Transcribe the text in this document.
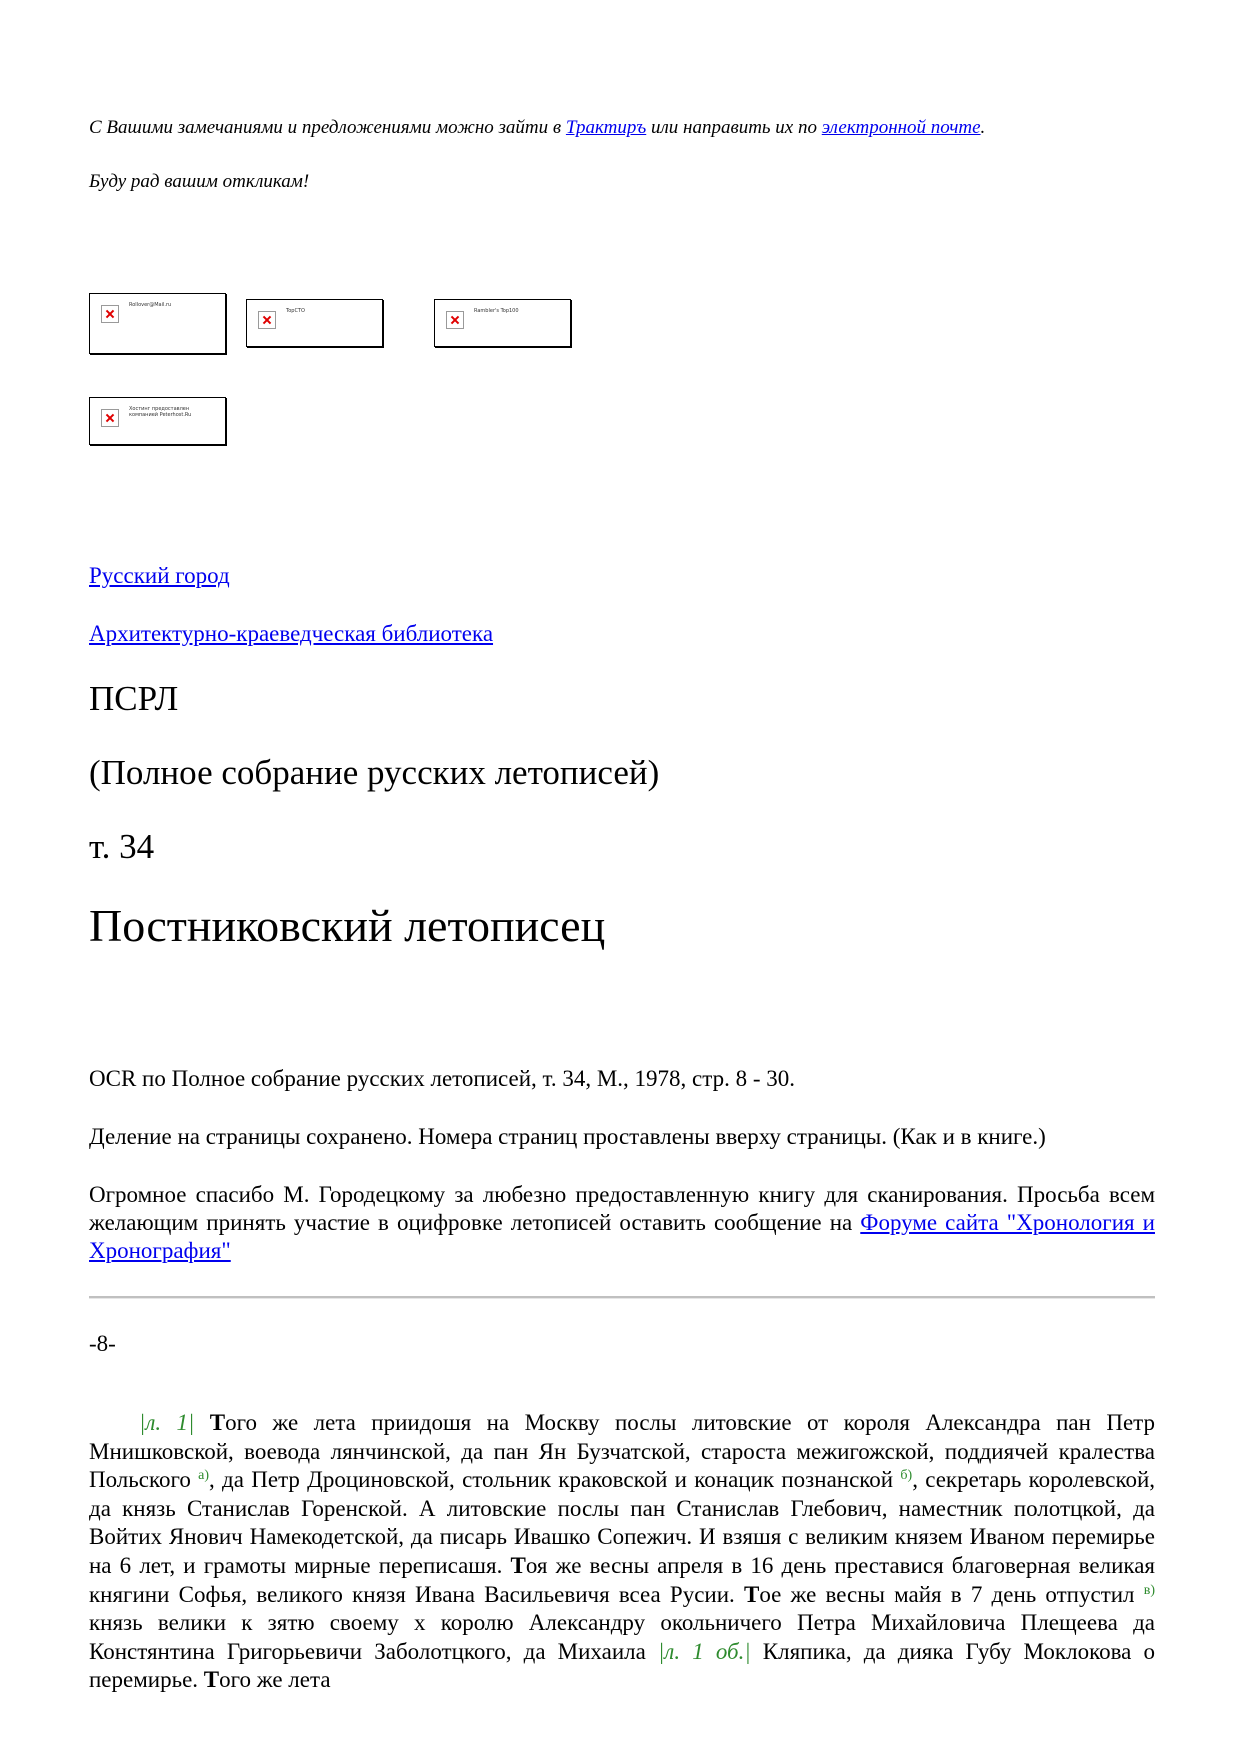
С Вашими замечаниями и предложениями можно зайти в Трактиръ или направить их по электронной почте.
Буду рад вашим откликам!
Rollover@Mail.ru
TopCTO	Rambler's Top100
Хостинг предоставлен компанией Peterhost.Ru
Русский город
Архитектурно-краеведческая библиотека
ПСРЛ
(Полное собрание русских летописей)
т. 34
Постниковский летописец

OCR по Полное собрание русских летописей, т. 34, М., 1978, стр. 8 - 30.

Деление на страницы сохранено. Номера страниц проставлены вверху страницы. (Как и в книге.)

Огромное спасибо М. Городецкому за любезно предоставленную книгу для сканирования. Просьба всем желающим принять участие в оцифровке летописей оставить сообщение на Форуме сайта "Хронология и Хронография"

-8-

|л. 1| Того же лета приидошя на Москву послы литовские от короля Александра пан Петр Мнишковской, воевода лянчинской, да пан Ян Бузчатской, староста межигожской, поддиячей кралества Польского $^{а)}$, да Петр Дроциновской, стольник краковской и конацик познанской $^{б)}$, секретарь королевской, да князь Станислав Горенской. А литовские послы пан Станислав Глебович, наместник полотцкой, да Войтих Янович Намекодетской, да писарь Ивашко Сопежич. И взяшя с великим князем Иваном перемирье на 6 лет, и грамоты мирные переписашя. Тоя же весны апреля в 16 день преставися благоверная великая княгини Софья, великого князя Ивана Васильевичя всеа Русии. Тое же весны майя в 7 день отпустил $^{в)}$ князь велики к зятю своему х королю Александру окольничего Петра Михайловича Плещеева да Констянтина Григорьевичи Заболотцкого, да Михаила |л. 1 об.| Кляпика, да дияка Губу Моклокова о перемирье. Того же лета
